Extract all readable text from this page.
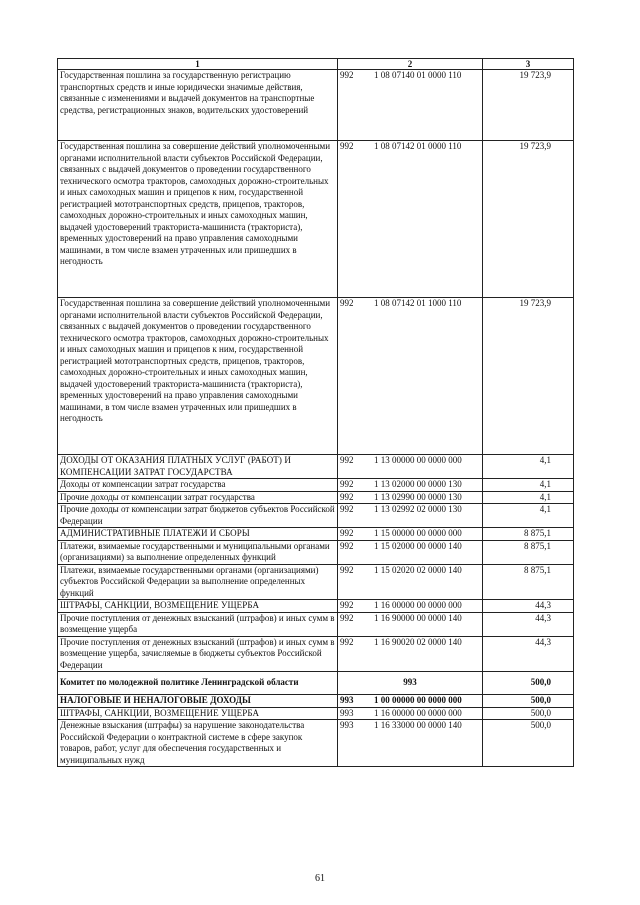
1	2	3
Государственная пошлина за государственную регистрацию транспортных средств и иные юридически значимые действия, связанные с изменениями и выдачей документов на транспортные средства, регистрационных знаков, водительских удостоверений	992 1 08 07140 01 0000 110	19 723,9
Государственная пошлина за совершение действий уполномоченными органами исполнительной власти субъектов Российской Федерации, связанных с выдачей документов о проведении государственного технического осмотра тракторов, самоходных дорожно-строительных и иных самоходных машин и прицепов к ним, государственной регистрацией мототранспортных средств, прицепов, тракторов, самоходных дорожно-строительных и иных самоходных машин, выдачей удостоверений тракториста-машиниста (тракториста), временных удостоверений на право управления самоходными машинами, в том числе взамен утраченных или пришедших в негодность	992 1 08 07142 01 0000 110	19 723,9
Государственная пошлина за совершение действий уполномоченными органами исполнительной власти субъектов Российской Федерации, связанных с выдачей документов о проведении государственного технического осмотра тракторов, самоходных дорожно-строительных и иных самоходных машин и прицепов к ним, государственной регистрацией мототранспортных средств, прицепов, тракторов, самоходных дорожно-строительных и иных самоходных машин, выдачей удостоверений тракториста-машиниста (тракториста), временных удостоверений на право управления самоходными машинами, в том числе взамен утраченных или пришедших в негодность	992 1 08 07142 01 1000 110	19 723,9
ДОХОДЫ ОТ ОКАЗАНИЯ ПЛАТНЫХ УСЛУГ (РАБОТ) И КОМПЕНСАЦИИ ЗАТРАТ ГОСУДАРСТВА	992 1 13 00000 00 0000 000	4,1
Доходы от компенсации затрат государства	992 1 13 02000 00 0000 130	4,1
Прочие доходы от компенсации затрат государства	992 1 13 02990 00 0000 130	4,1
Прочие доходы от компенсации затрат бюджетов субъектов Российской Федерации	992 1 13 02992 02 0000 130	4,1
АДМИНИСТРАТИВНЫЕ ПЛАТЕЖИ И СБОРЫ	992 1 15 00000 00 0000 000	8 875,1
Платежи, взимаемые государственными и муниципальными органами (организациями) за выполнение определенных функций	992 1 15 02000 00 0000 140	8 875,1
Платежи, взимаемые государственными органами (организациями) субъектов Российской Федерации за выполнение определенных функций	992 1 15 02020 02 0000 140	8 875,1
ШТРАФЫ, САНКЦИИ, ВОЗМЕЩЕНИЕ УЩЕРБА	992 1 16 00000 00 0000 000	44,3
Прочие поступления от денежных взысканий (штрафов) и иных сумм в возмещение ущерба	992 1 16 90000 00 0000 140	44,3
Прочие поступления от денежных взысканий (штрафов) и иных сумм в возмещение ущерба, зачисляемые в бюджеты субъектов Российской Федерации	992 1 16 90020 02 0000 140	44,3
Комитет по молодежной политике Ленинградской области	993	500,0
НАЛОГОВЫЕ И НЕНАЛОГОВЫЕ ДОХОДЫ	993 1 00 00000 00 0000 000	500,0
ШТРАФЫ, САНКЦИИ, ВОЗМЕЩЕНИЕ УЩЕРБА	993 1 16 00000 00 0000 000	500,0
Денежные взыскания (штрафы) за нарушение законодательства Российской Федерации о контрактной системе в сфере закупок товаров, работ, услуг для обеспечения государственных и муниципальных нужд	993 1 16 33000 00 0000 140	500,0
61
